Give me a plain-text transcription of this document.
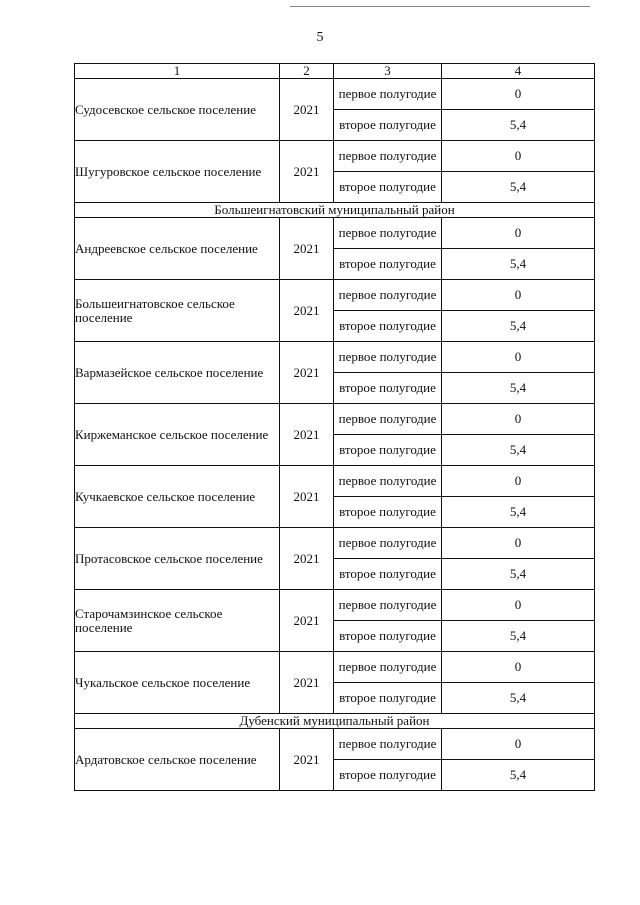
5
1	2	3	4
Судосевское сельское поселение	2021	первое полугодие	0
		второе полугодие	5,4
Шугуровское сельское поселение	2021	первое полугодие	0
		второе полугодие	5,4
Большеигнатовский муниципальный район			
Андреевское сельское поселение	2021	первое полугодие	0
		второе полугодие	5,4
Большеигнатовское сельское поселение	2021	первое полугодие	0
		второе полугодие	5,4
Вармазейское сельское поселение	2021	первое полугодие	0
		второе полугодие	5,4
Киржеманское сельское поселение	2021	первое полугодие	0
		второе полугодие	5,4
Кучкаевское сельское поселение	2021	первое полугодие	0
		второе полугодие	5,4
Протасовское сельское поселение	2021	первое полугодие	0
		второе полугодие	5,4
Старочамзинское сельское поселение	2021	первое полугодие	0
		второе полугодие	5,4
Чукальское сельское поселение	2021	первое полугодие	0
		второе полугодие	5,4
Дубенский муниципальный район			
Ардатовское сельское поселение	2021	первое полугодие	0
		второе полугодие	5,4
